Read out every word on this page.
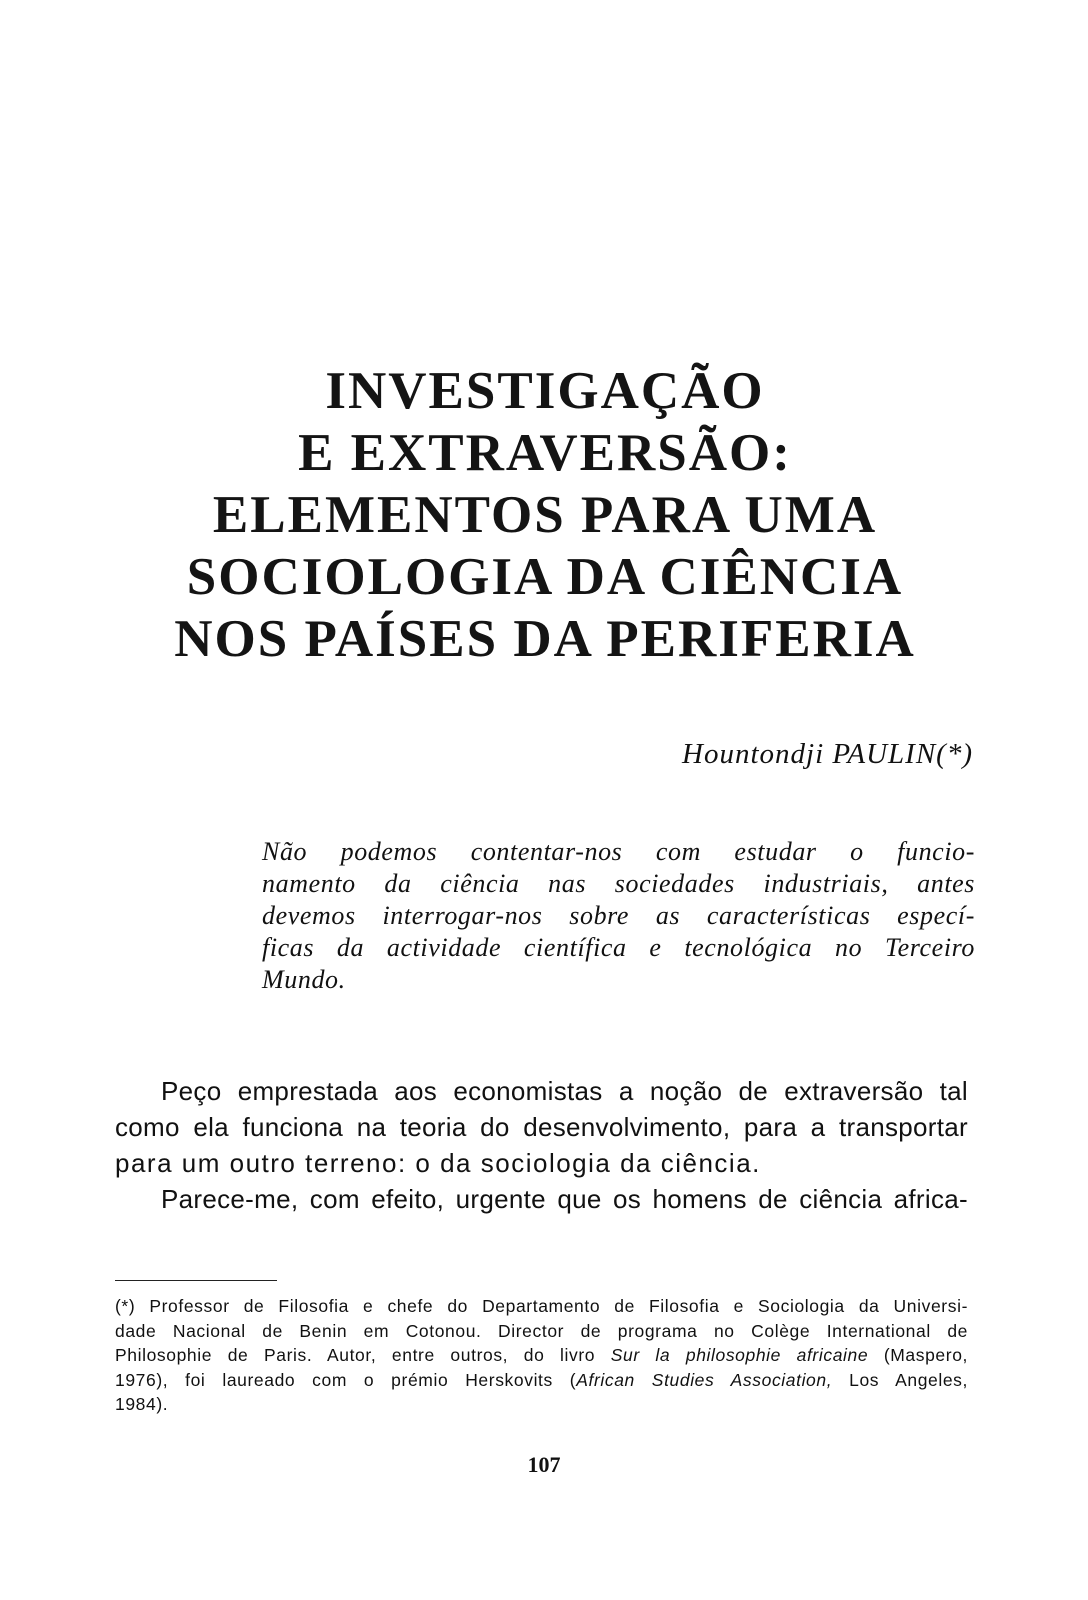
INVESTIGAÇÃO
E EXTRAVERSÃO:
ELEMENTOS PARA UMA
SOCIOLOGIA DA CIÊNCIA
NOS PAÍSES DA PERIFERIA
Hountondji PAULIN(*)
Não podemos contentar-nos com estudar o funcio-
namento da ciência nas sociedades industriais, antes
devemos interrogar-nos sobre as características especí-
ficas da actividade científica e tecnológica no Terceiro
Mundo.
Peço emprestada aos economistas a noção de extraversão tal
como ela funciona na teoria do desenvolvimento, para a transportar
para um outro terreno: o da sociologia da ciência.
Parece-me, com efeito, urgente que os homens de ciência africa-
(*) Professor de Filosofia e chefe do Departamento de Filosofia e Sociologia da Universi-
dade Nacional de Benin em Cotonou. Director de programa no Colège International de
Philosophie de Paris. Autor, entre outros, do livro Sur la philosophie africaine (Maspero,
1976), foi laureado com o prémio Herskovits (African Studies Association, Los Angeles,
1984).
107
